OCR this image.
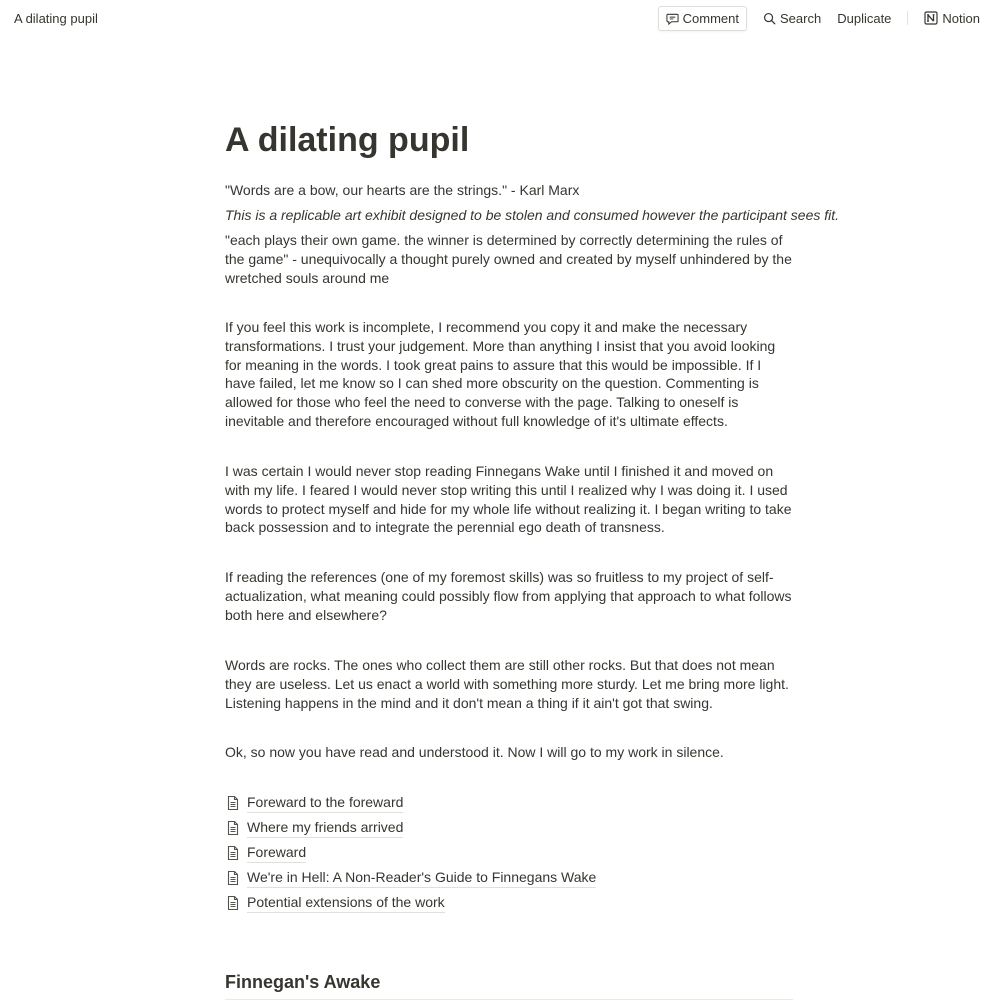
A dilating pupil	Comment	Search Duplicate	Notion
A dilating pupil

"Words are a bow, our hearts are the strings." - Karl Marx

This is a replicable art exhibit designed to be stolen and consumed however the participant sees fit.

"each plays their own game. the winner is determined by correctly determining the rules of the game" - unequivocally a thought purely owned and created by myself unhindered by the wretched souls around me

If you feel this work is incomplete, I recommend you copy it and make the necessary transformations. I trust your judgement. More than anything I insist that you avoid looking for meaning in the words. I took great pains to assure that this would be impossible. If I have failed, let me know so I can shed more obscurity on the question. Commenting is allowed for those who feel the need to converse with the page. Talking to oneself is inevitable and therefore encouraged without full knowledge of it's ultimate effects.

I was certain I would never stop reading Finnegans Wake until I finished it and moved on with my life. I feared I would never stop writing this until I realized why I was doing it. I used words to protect myself and hide for my whole life without realizing it. I began writing to take back possession and to integrate the perennial ego death of transness.

If reading the references (one of my foremost skills) was so fruitless to my project of self-actualization, what meaning could possibly flow from applying that approach to what follows both here and elsewhere?

Words are rocks. The ones who collect them are still other rocks. But that does not mean they are useless. Let us enact a world with something more sturdy. Let me bring more light. Listening happens in the mind and it don't mean a thing if it ain't got that swing.

Ok, so now you have read and understood it. Now I will go to my work in silence.

Foreward to the foreward
Where my friends arrived
Foreward
We're in Hell: A Non-Reader's Guide to Finnegans Wake
Potential extensions of the work
Finnegan's Awake
